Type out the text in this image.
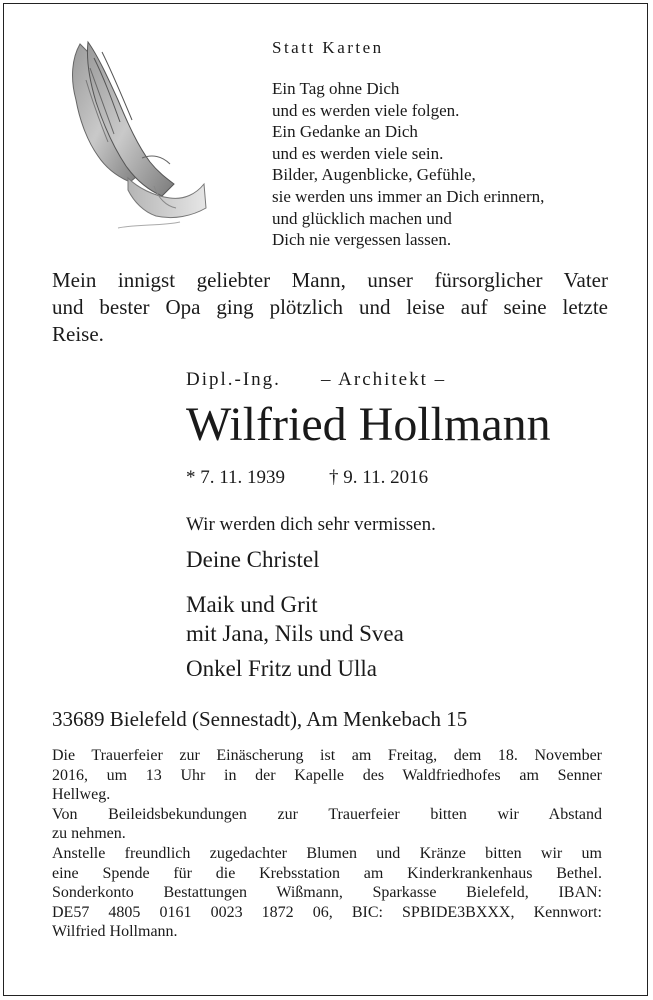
Statt Karten
Ein Tag ohne Dich
und es werden viele folgen.
Ein Gedanke an Dich
und es werden viele sein.
Bilder, Augenblicke, Gefühle,
sie werden uns immer an Dich erinnern,
und glücklich machen und
Dich nie vergessen lassen.
Mein innigst geliebter Mann, unser fürsorglicher Vater
und bester Opa ging plötzlich und leise auf seine letzte
Reise.
Dipl.-Ing. – Architekt –
Wilfried Hollmann
* 7. 11. 1939 † 9. 11. 2016
Wir werden dich sehr vermissen.
Deine Christel
Maik und Grit
mit Jana, Nils und Svea
Onkel Fritz und Ulla
33689 Bielefeld (Sennestadt), Am Menkebach 15
Die Trauerfeier zur Einäscherung ist am Freitag, dem 18. November
2016, um 13 Uhr in der Kapelle des Waldfriedhofes am Senner
Hellweg.
Von Beileidsbekundungen zur Trauerfeier bitten wir Abstand
zu nehmen.
Anstelle freundlich zugedachter Blumen und Kränze bitten wir um
eine Spende für die Krebsstation am Kinderkrankenhaus Bethel.
Sonderkonto Bestattungen Wißmann, Sparkasse Bielefeld, IBAN:
DE57 4805 0161 0023 1872 06, BIC: SPBIDE3BXXX, Kennwort:
Wilfried Hollmann.
